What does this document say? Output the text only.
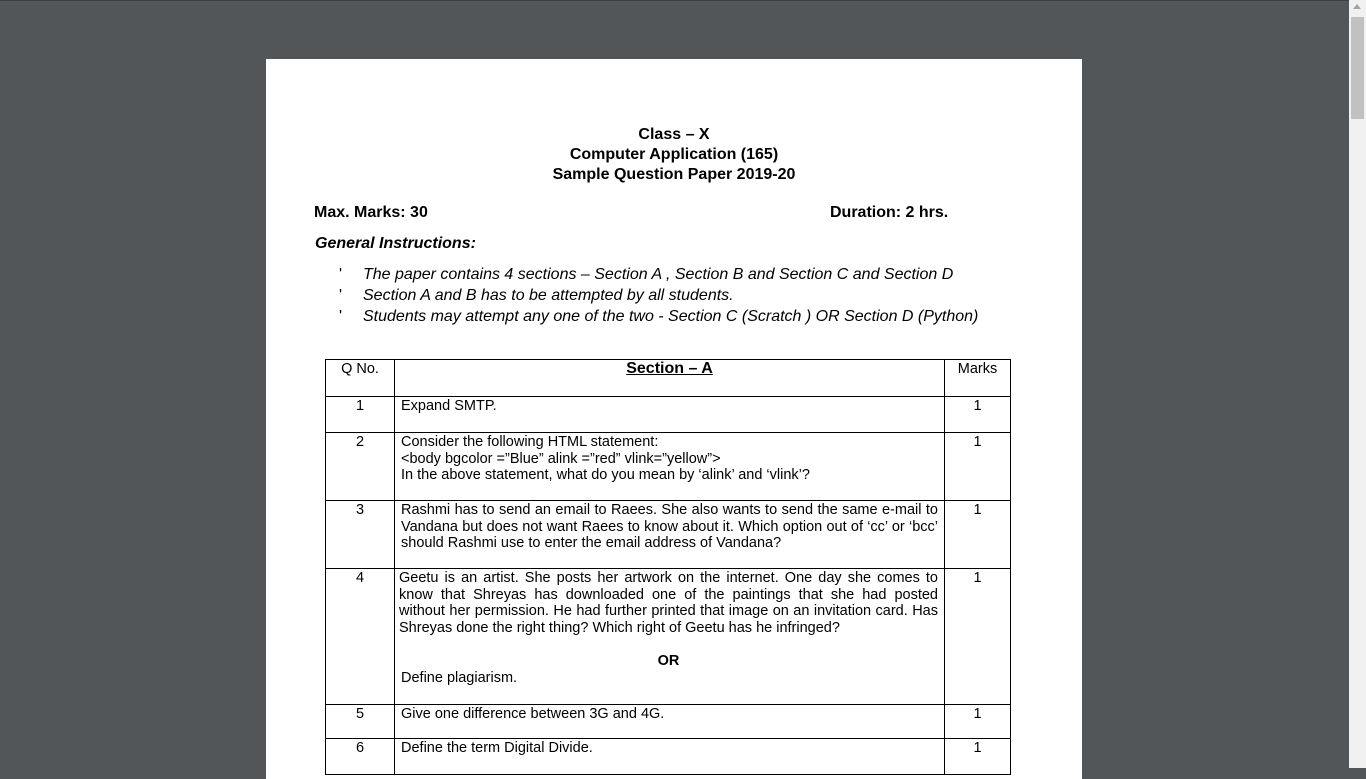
Class – X
Computer Application (165)
Sample Question Paper 2019-20
Max. Marks: 30	Duration: 2 hrs.
General Instructions:
' The paper contains 4 sections – Section A , Section B and Section C and Section D
' Section A and B has to be attempted by all students.
' Students may attempt any one of the two - Section C (Scratch ) OR Section D (Python)
Q No.	Section – A	Marks

1	Expand SMTP.	1

2	Consider the following HTML statement:
<body bgcolor =”Blue” alink =”red” vlink=”yellow”>
In the above statement, what do you mean by ‘alink’ and ‘vlink’?	1

3	Rashmi has to send an email to Raees. She also wants to send the same e-mail to Vandana but does not want Raees to know about it. Which option out of ‘cc’ or ‘bcc’ should Rashmi use to enter the email address of Vandana?	1

4	Geetu is an artist. She posts her artwork on the internet. One day she comes to know that Shreyas has downloaded one of the paintings that she had posted without her permission. He had further printed that image on an invitation card. Has Shreyas done the right thing? Which right of Geetu has he infringed?
OR
Define plagiarism.	1

5	Give one difference between 3G and 4G.	1

6	Define the term Digital Divide.	1
